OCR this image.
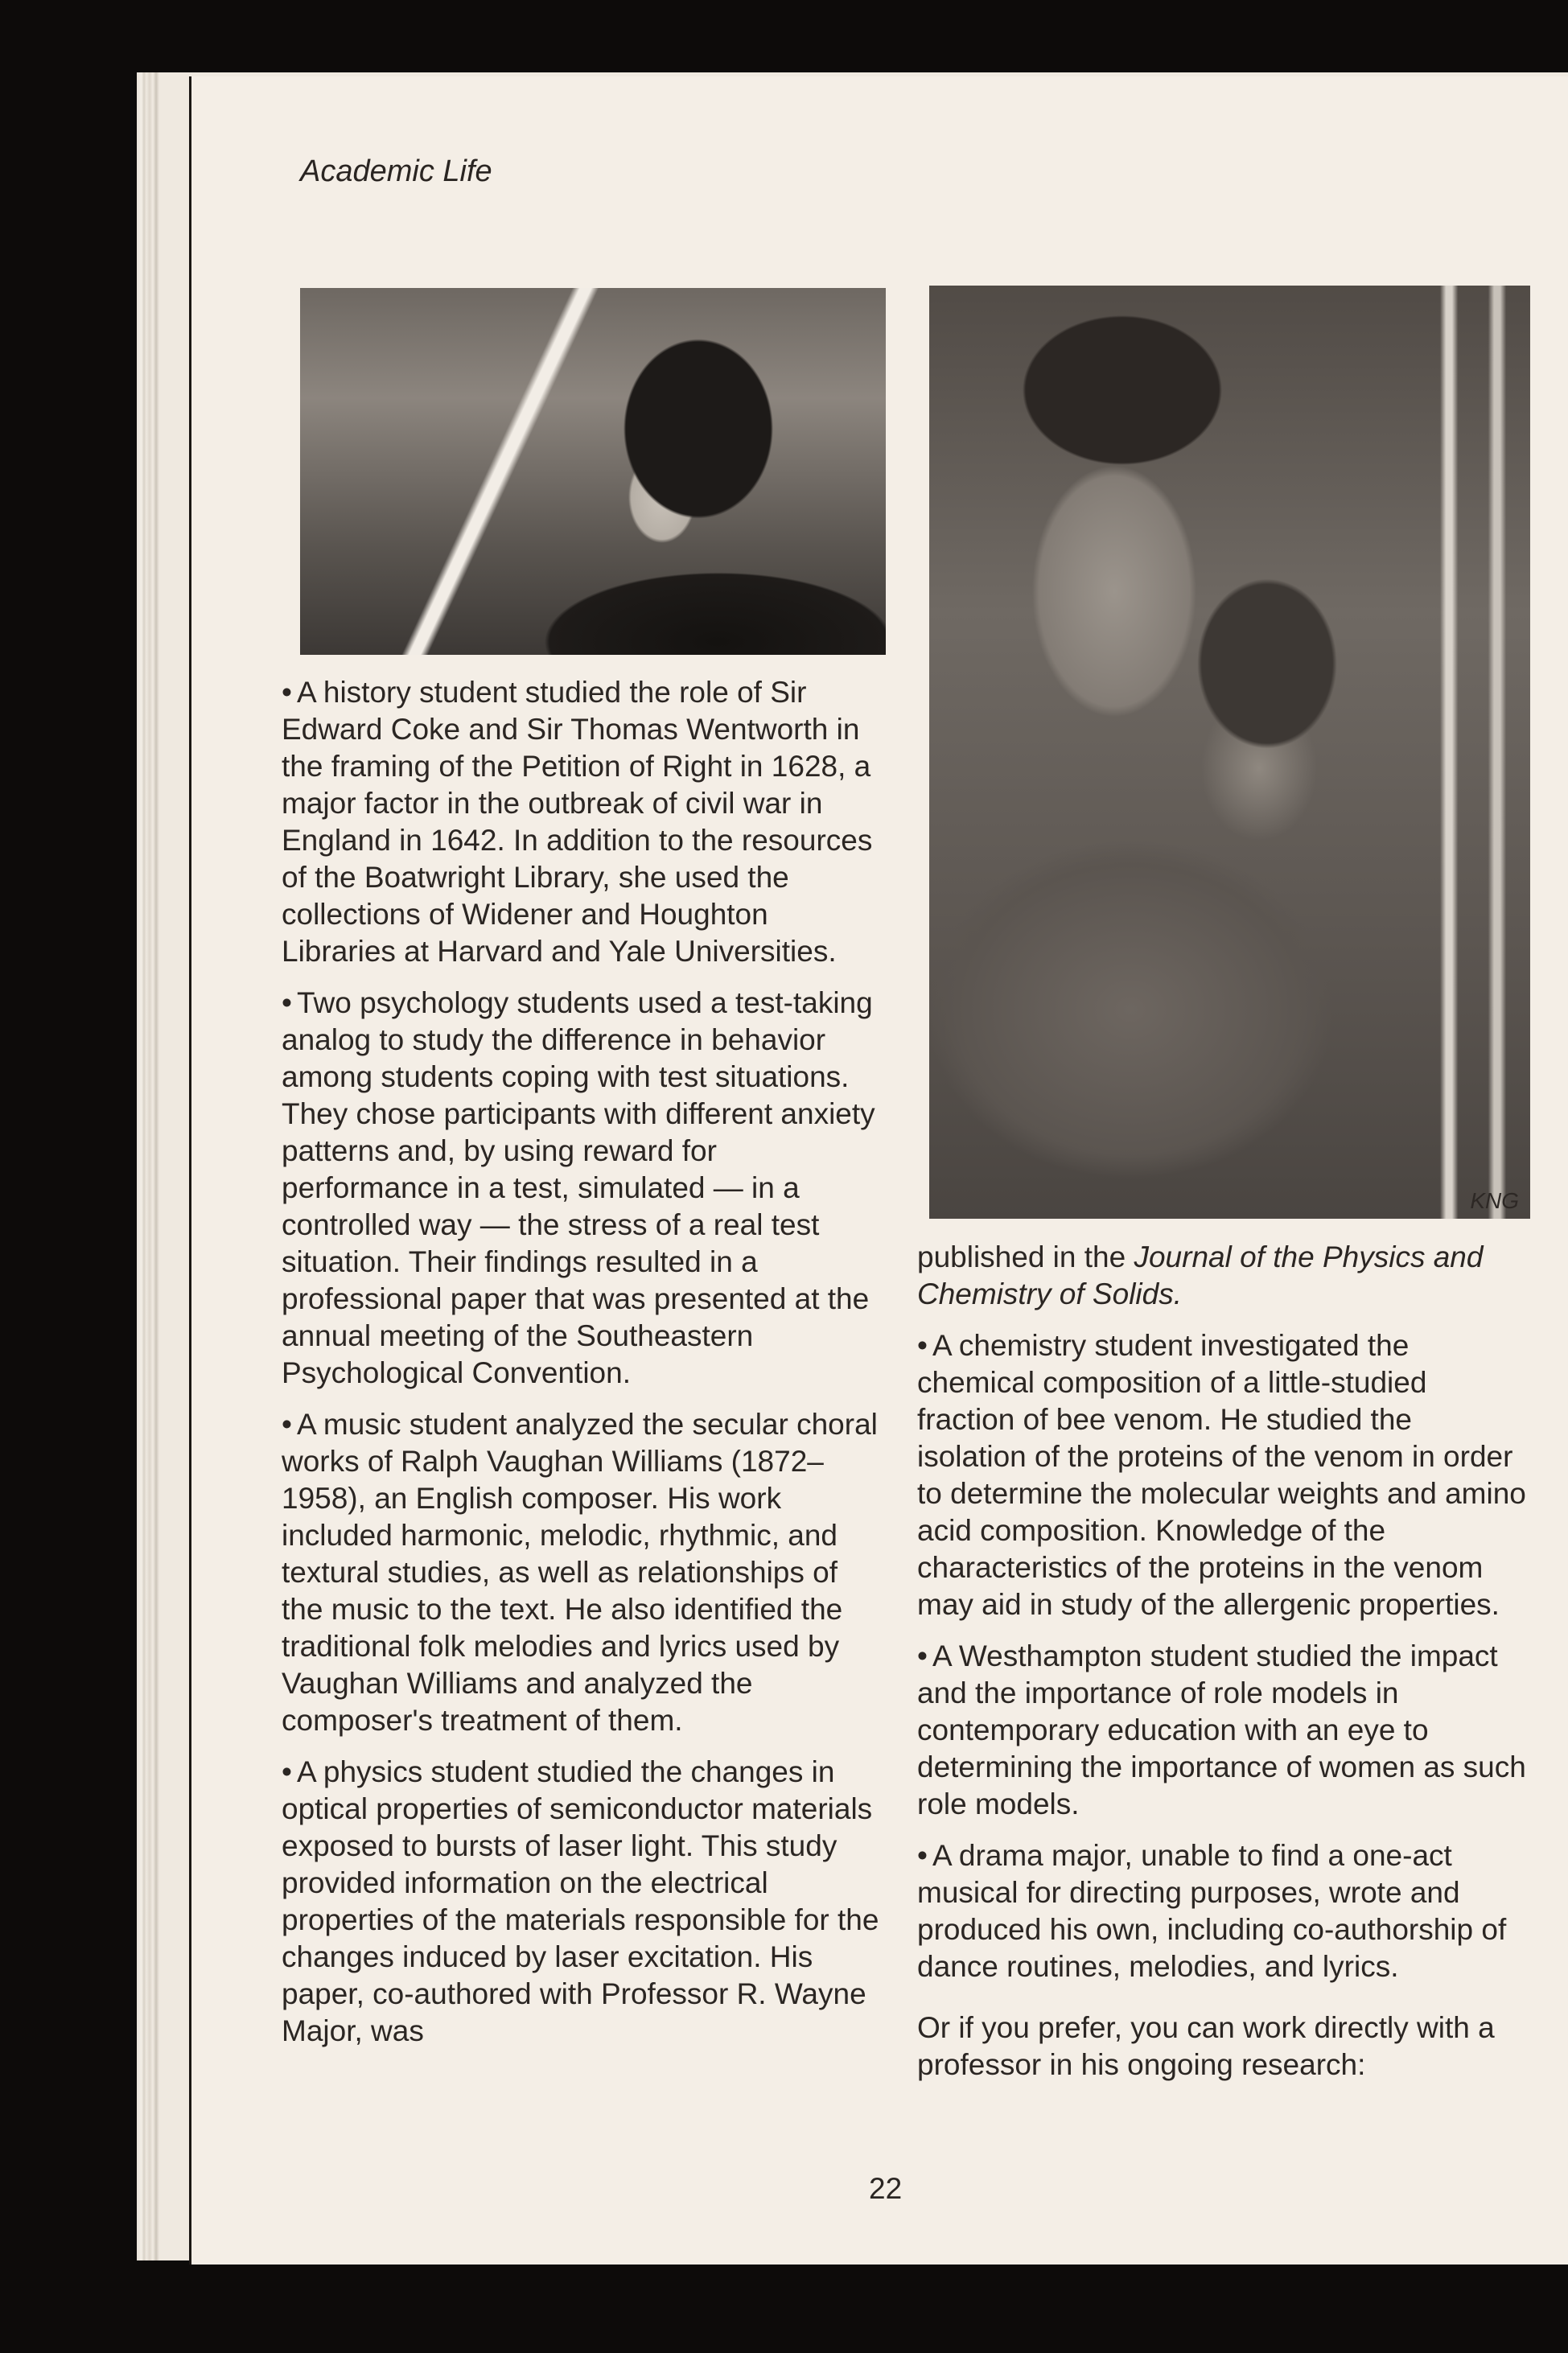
Academic Life
KNG

• A history student studied the role of Sir Edward Coke and Sir Thomas Wentworth in the framing of the Petition of Right in 1628, a major factor in the outbreak of civil war in England in 1642. In addition to the resources of the Boatwright Library, she used the collections of Widener and Houghton Libraries at Harvard and Yale Universities.

• Two psychology students used a test-taking analog to study the difference in behavior among students coping with test situations. They chose participants with different anxiety patterns and, by using reward for performance in a test, simulated — in a controlled way — the stress of a real test situation. Their findings resulted in a professional paper that was presented at the annual meeting of the Southeastern Psychological Convention.

• A music student analyzed the secular choral works of Ralph Vaughan Williams (1872–1958), an English composer. His work included harmonic, melodic, rhythmic, and textural studies, as well as relationships of the music to the text. He also identified the traditional folk melodies and lyrics used by Vaughan Williams and analyzed the composer's treatment of them.

• A physics student studied the changes in optical properties of semiconductor materials exposed to bursts of laser light. This study provided information on the electrical properties of the materials responsible for the changes induced by laser excitation. His paper, co-authored with Professor R. Wayne Major, was

published in the Journal of the Physics and Chemistry of Solids.

• A chemistry student investigated the chemical composition of a little-studied fraction of bee venom. He studied the isolation of the proteins of the venom in order to determine the molecular weights and amino acid composition. Knowledge of the characteristics of the proteins in the venom may aid in study of the allergenic properties.

• A Westhampton student studied the impact and the importance of role models in contemporary education with an eye to determining the importance of women as such role models.

• A drama major, unable to find a one-act musical for directing purposes, wrote and produced his own, including co-authorship of dance routines, melodies, and lyrics.

Or if you prefer, you can work directly with a professor in his ongoing research:

22
